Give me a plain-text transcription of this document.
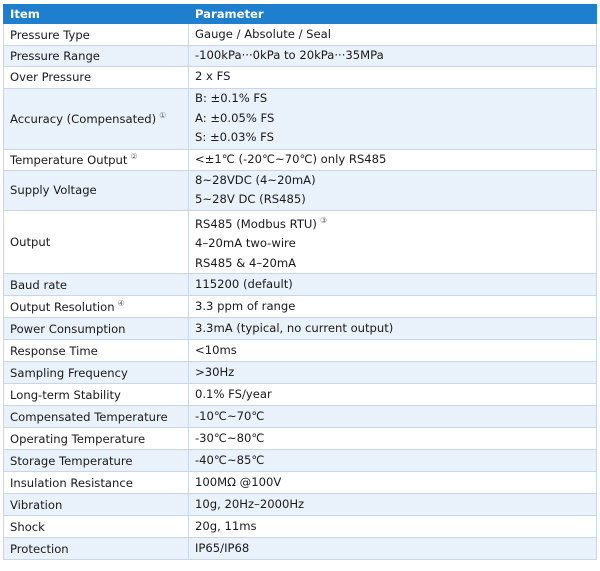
Item	Parameter
Pressure Type	Gauge / Absolute / Seal

Pressure Range	-100kPa···0kPa to 20kPa···35MPa

Over Pressure	2 x FS

Accuracy (Compensated) ①	B: ±0.1% FS
A: ±0.05% FS
S: ±0.03% FS

Temperature Output ②	<±1℃ (-20℃~70℃) only RS485

Supply Voltage	8~28VDC (4~20mA)
5~28V DC (RS485)

Output	RS485 (Modbus RTU) ③
4–20mA two-wire
RS485 & 4–20mA

Baud rate	115200 (default)

Output Resolution ④	3.3 ppm of range

Power Consumption	3.3mA (typical, no current output)

Response Time	<10ms

Sampling Frequency	>30Hz

Long-term Stability	0.1% FS/year

Compensated Temperature	-10℃~70℃

Operating Temperature	-30℃~80℃

Storage Temperature	-40℃~85℃

Insulation Resistance	100MΩ @100V

Vibration	10g, 20Hz–2000Hz

Shock	20g, 11ms

Protection	IP65/IP68
